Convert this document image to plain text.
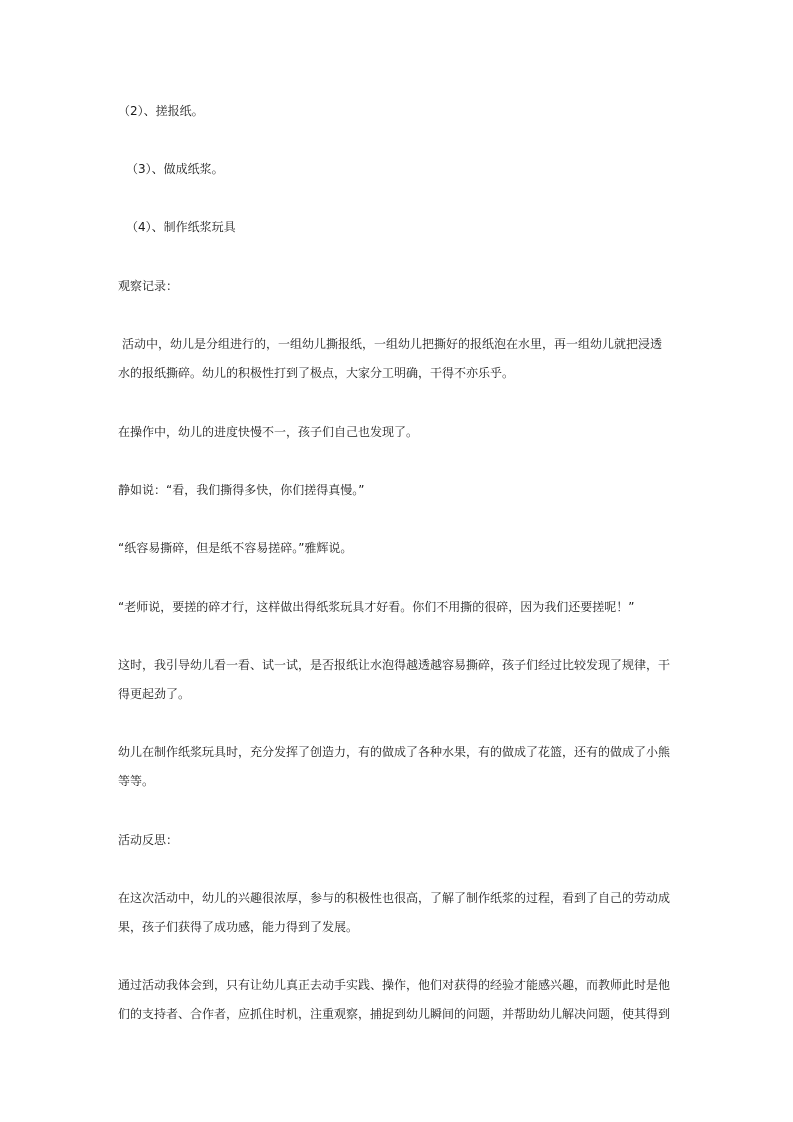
（2）、搓报纸。
（3）、做成纸浆。
（4）、制作纸浆玩具
观察记录：
活动中，幼儿是分组进行的，一组幼儿撕报纸，一组幼儿把撕好的报纸泡在水里，再一组幼儿就把浸透
水的报纸撕碎。幼儿的积极性打到了极点，大家分工明确，干得不亦乐乎。
在操作中，幼儿的进度快慢不一，孩子们自己也发现了。
静如说：“看，我们撕得多快，你们搓得真慢。”
“纸容易撕碎，但是纸不容易搓碎。”雅辉说。
“老师说，要搓的碎才行，这样做出得纸浆玩具才好看。你们不用撕的很碎，因为我们还要搓呢！”
这时，我引导幼儿看一看、试一试，是否报纸让水泡得越透越容易撕碎，孩子们经过比较发现了规律，干
得更起劲了。
幼儿在制作纸浆玩具时，充分发挥了创造力，有的做成了各种水果，有的做成了花篮，还有的做成了小熊
等等。
活动反思：
在这次活动中，幼儿的兴趣很浓厚，参与的积极性也很高，了解了制作纸浆的过程，看到了自己的劳动成
果，孩子们获得了成功感，能力得到了发展。
通过活动我体会到，只有让幼儿真正去动手实践、操作，他们对获得的经验才能感兴趣，而教师此时是他
们的支持者、合作者，应抓住时机，注重观察，捕捉到幼儿瞬间的问题，并帮助幼儿解决问题，使其得到
